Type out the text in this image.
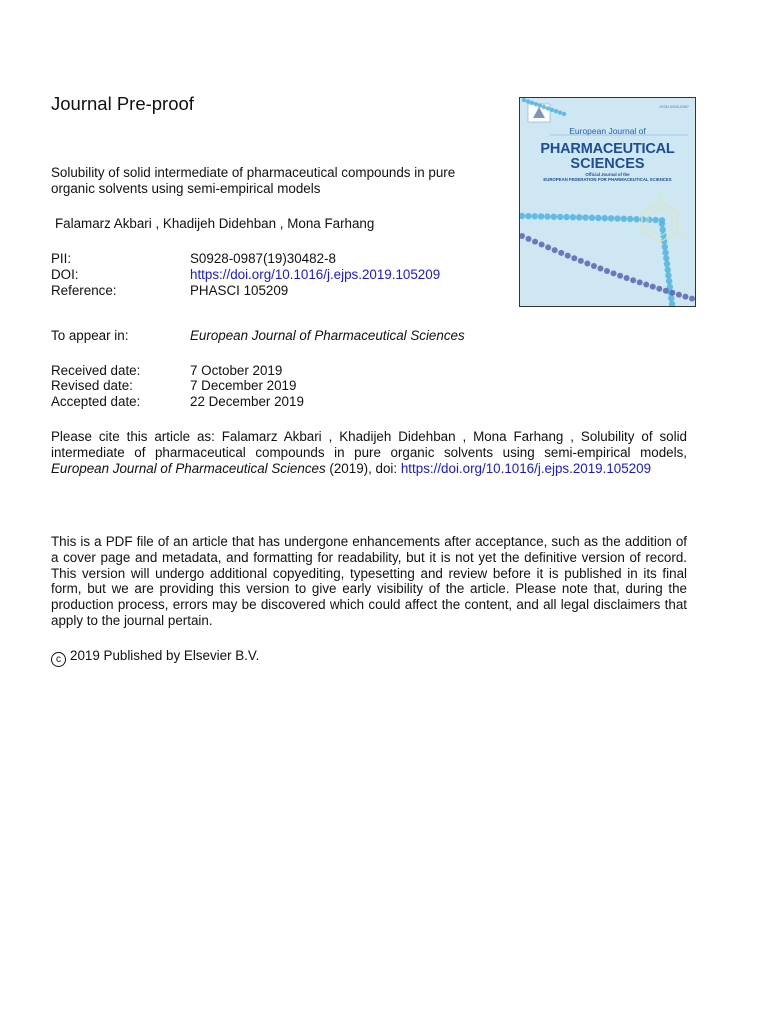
Journal Pre-proof
Solubility of solid intermediate of pharmaceutical compounds in pure organic solvents using semi-empirical models
Falamarz Akbari , Khadijeh Didehban , Mona Farhang
PII:	S0928-0987(19)30482-8
DOI:	https://doi.org/10.1016/j.ejps.2019.105209
Reference:	PHASCI 105209
To appear in:	European Journal of Pharmaceutical Sciences
Received date:	7 October 2019
Revised date:	7 December 2019
Accepted date:	22 December 2019
Please cite this article as: Falamarz Akbari , Khadijeh Didehban , Mona Farhang , Solubility of solid intermediate of pharmaceutical compounds in pure organic solvents using semi-empirical models, European Journal of Pharmaceutical Sciences (2019), doi: https://doi.org/10.1016/j.ejps.2019.105209
This is a PDF file of an article that has undergone enhancements after acceptance, such as the addition of a cover page and metadata, and formatting for readability, but it is not yet the definitive version of record. This version will undergo additional copyediting, typesetting and review before it is published in its final form, but we are providing this version to give early visibility of the article. Please note that, during the production process, errors may be discovered which could affect the content, and all legal disclaimers that apply to the journal pertain.
c 2019 Published by Elsevier B.V.
ISSN 0928-0987
European Journal of
PHARMACEUTICAL
SCIENCES
Official Journal of the
EUROPEAN FEDERATION FOR PHARMACEUTICAL SCIENCES
